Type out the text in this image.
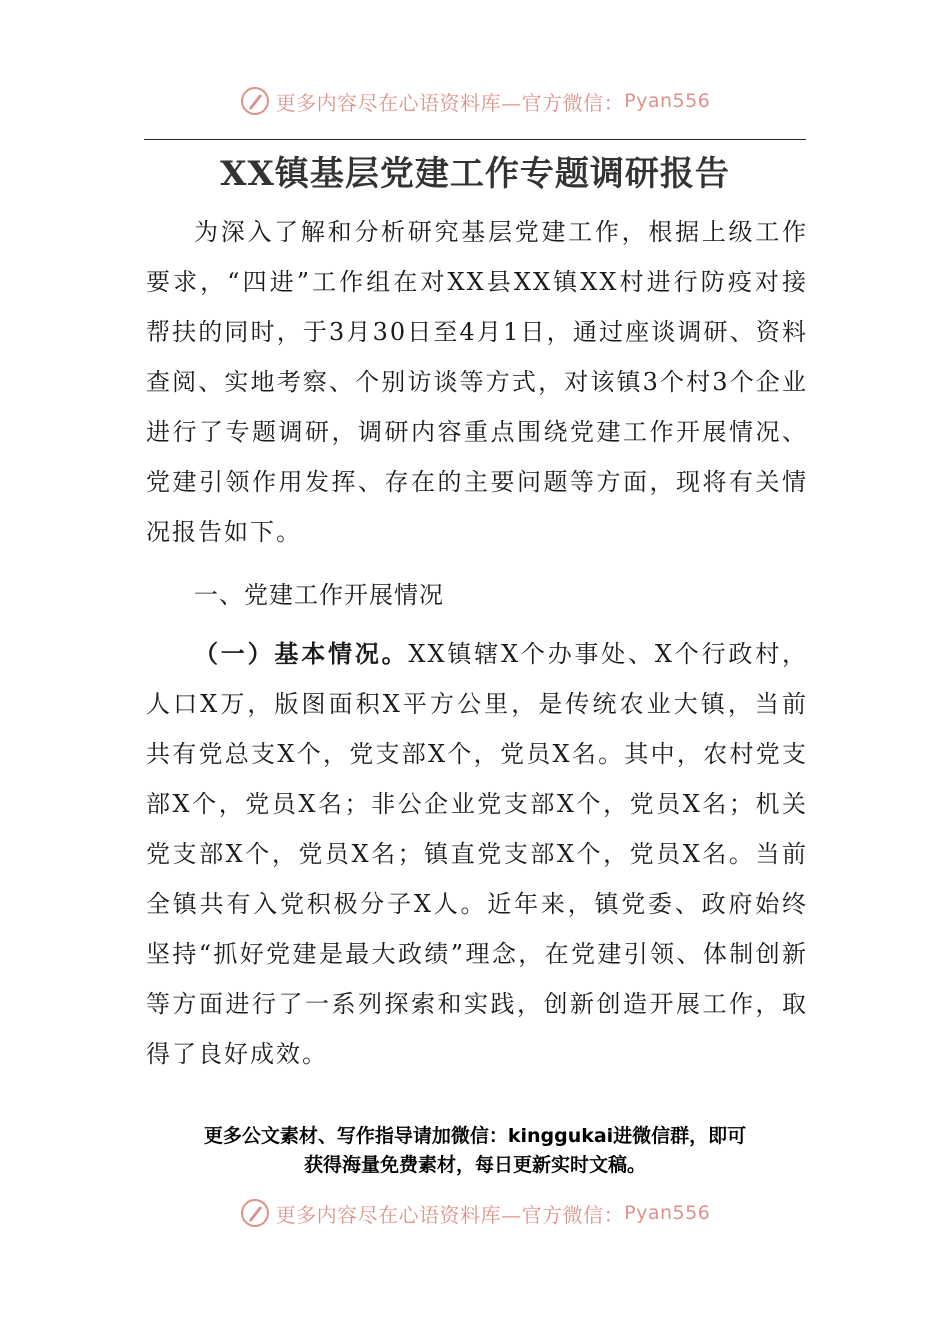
更多内容尽在心语资料库—官方微信： Pyan556
XX镇基层党建工作专题调研报告

为深入了解和分析研究基层党建工作，根据上级工作要求，“四进”工作组在对XX县XX镇XX村进行防疫对接帮扶的同时，于3月30日至4月1日，通过座谈调研、资料查阅、实地考察、个别访谈等方式，对该镇3个村3个企业进行了专题调研，调研内容重点围绕党建工作开展情况、党建引领作用发挥、存在的主要问题等方面，现将有关情况报告如下。

一、党建工作开展情况

（一）基本情况。XX镇辖X个办事处、X个行政村，人口X万，版图面积X平方公里，是传统农业大镇，当前共有党总支X个，党支部X个，党员X名。其中，农村党支部X个，党员X名；非公企业党支部X个，党员X名；机关党支部X个，党员X名；镇直党支部X个，党员X名。当前全镇共有入党积极分子X人。近年来，镇党委、政府始终坚持“抓好党建是最大政绩”理念，在党建引领、体制创新等方面进行了一系列探索和实践，创新创造开展工作，取得了良好成效。

更多公文素材、写作指导请加微信：kinggukai进微信群，即可
获得海量免费素材，每日更新实时文稿。
更多内容尽在心语资料库—官方微信： Pyan556
